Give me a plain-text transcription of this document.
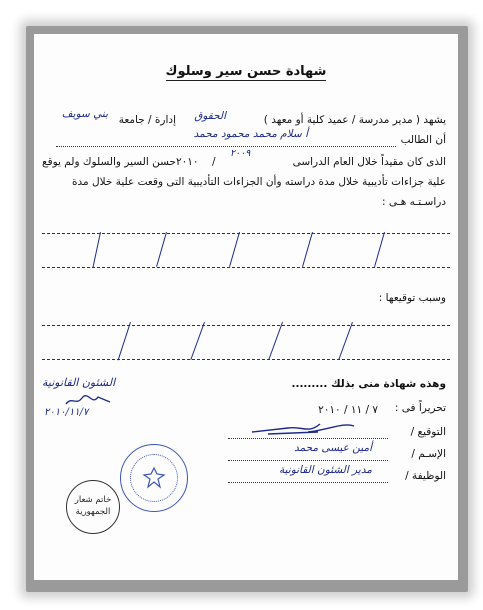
شهادة حسن سير وسلوك
يشهد ( مدير مدرسة / عميد كلية أو معهد )
الحقوق
إدارة / جامعة
بني سويف
أن الطالب
أ سلام محمد محمود محمد
الذى كان مقيداً خلال العام الدراسى
٢٠٠٩
/
٢٠١٠
حسن السير والسلوك ولم يوقع
علية جزاءات تأديبية خلال مدة دراسته وأن الجزاءات التأديبية التى وقعت علية خلال مدة
دراسـتـه هـى :
وسبب توقيعها :
وهذه شهادة منى بذلك .........
الشئون القانونية
٢٠١٠/١١/٧	تحريراً فى :
٧ / ١١ / ٢٠١٠
التوقيع /
الإسـم /
أمين عيسى محمد
الوظيفة /
مدير الشئون القانونية
خاتم شعار الجمهورية
